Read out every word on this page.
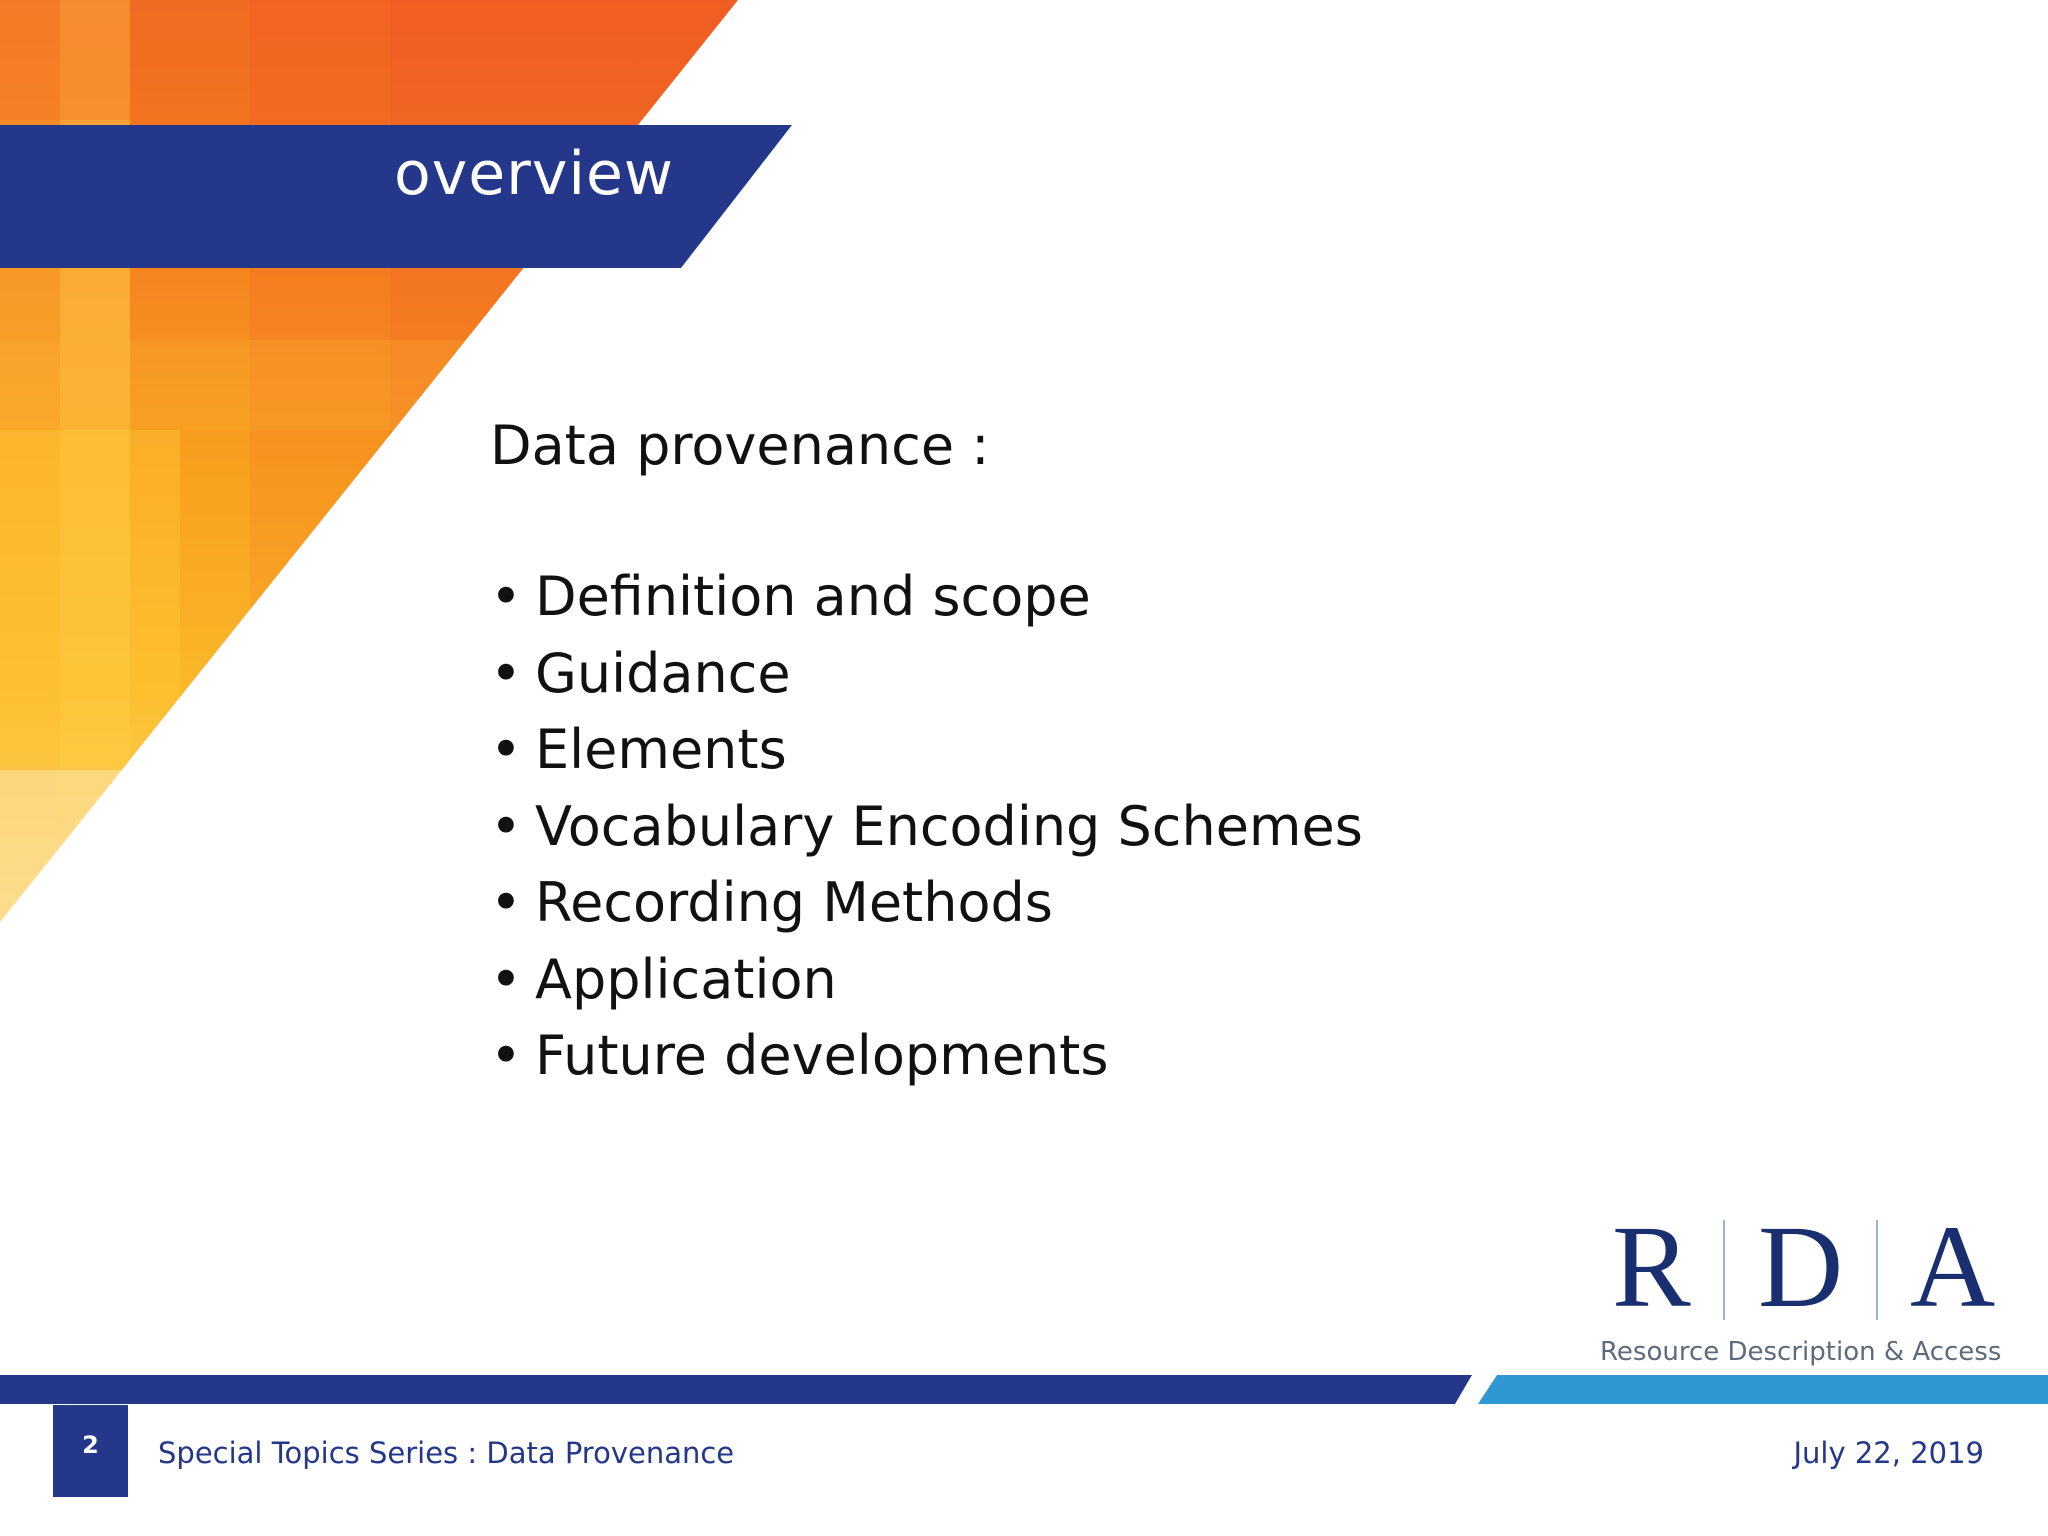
overview
Data provenance :
• Definition and scope
• Guidance
• Elements
• Vocabulary Encoding Schemes
• Recording Methods
• Application
• Future developments
R D A
Resource Description & Access
2	Special Topics Series : Data Provenance	July 22, 2019
